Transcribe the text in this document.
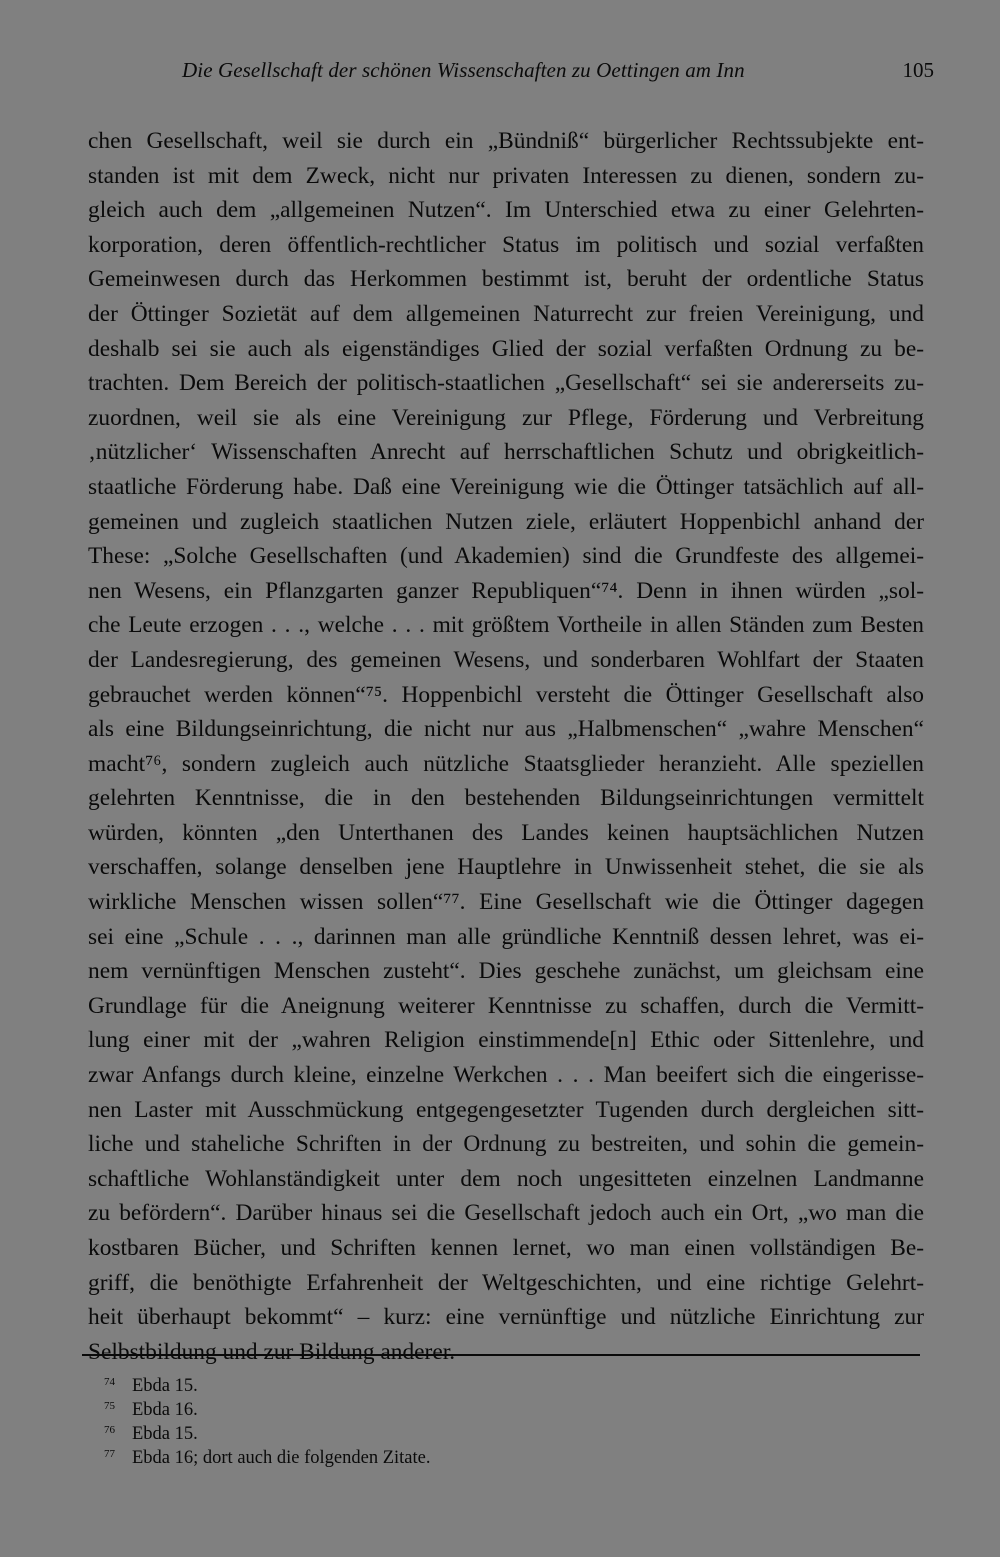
Die Gesellschaft der schönen Wissenschaften zu Oettingen am Inn	105
chen Gesellschaft, weil sie durch ein „Bündniß“ bürgerlicher Rechtssubjekte ent-
standen ist mit dem Zweck, nicht nur privaten Interessen zu dienen, sondern zu-
gleich auch dem „allgemeinen Nutzen“. Im Unterschied etwa zu einer Gelehrten-
korporation, deren öffentlich-rechtlicher Status im politisch und sozial verfaßten
Gemeinwesen durch das Herkommen bestimmt ist, beruht der ordentliche Status
der Öttinger Sozietät auf dem allgemeinen Naturrecht zur freien Vereinigung, und
deshalb sei sie auch als eigenständiges Glied der sozial verfaßten Ordnung zu be-
trachten. Dem Bereich der politisch-staatlichen „Gesellschaft“ sei sie andererseits zu-
zuordnen, weil sie als eine Vereinigung zur Pflege, Förderung und Verbreitung
‚nützlicher‘ Wissenschaften Anrecht auf herrschaftlichen Schutz und obrigkeitlich-
staatliche Förderung habe. Daß eine Vereinigung wie die Öttinger tatsächlich auf all-
gemeinen und zugleich staatlichen Nutzen ziele, erläutert Hoppenbichl anhand der
These: „Solche Gesellschaften (und Akademien) sind die Grundfeste des allgemei-
nen Wesens, ein Pflanzgarten ganzer Republiquen“⁷⁴. Denn in ihnen würden „sol-
che Leute erzogen . . ., welche . . . mit größtem Vortheile in allen Ständen zum Besten
der Landesregierung, des gemeinen Wesens, und sonderbaren Wohlfart der Staaten
gebrauchet werden können“⁷⁵. Hoppenbichl versteht die Öttinger Gesellschaft also
als eine Bildungseinrichtung, die nicht nur aus „Halbmenschen“ „wahre Menschen“
macht⁷⁶, sondern zugleich auch nützliche Staatsglieder heranzieht. Alle speziellen
gelehrten Kenntnisse, die in den bestehenden Bildungseinrichtungen vermittelt
würden, könnten „den Unterthanen des Landes keinen hauptsächlichen Nutzen
verschaffen, solange denselben jene Hauptlehre in Unwissenheit stehet, die sie als
wirkliche Menschen wissen sollen“⁷⁷. Eine Gesellschaft wie die Öttinger dagegen
sei eine „Schule . . ., darinnen man alle gründliche Kenntniß dessen lehret, was ei-
nem vernünftigen Menschen zusteht“. Dies geschehe zunächst, um gleichsam eine
Grundlage für die Aneignung weiterer Kenntnisse zu schaffen, durch die Vermitt-
lung einer mit der „wahren Religion einstimmende[n] Ethic oder Sittenlehre, und
zwar Anfangs durch kleine, einzelne Werkchen . . . Man beeifert sich die eingerisse-
nen Laster mit Ausschmückung entgegengesetzter Tugenden durch dergleichen sitt-
liche und staheliche Schriften in der Ordnung zu bestreiten, und sohin die gemein-
schaftliche Wohlanständigkeit unter dem noch ungesitteten einzelnen Landmanne
zu befördern“. Darüber hinaus sei die Gesellschaft jedoch auch ein Ort, „wo man die
kostbaren Bücher, und Schriften kennen lernet, wo man einen vollständigen Be-
griff, die benöthigte Erfahrenheit der Weltgeschichten, und eine richtige Gelehrt-
heit überhaupt bekommt“ – kurz: eine vernünftige und nützliche Einrichtung zur
Selbstbildung und zur Bildung anderer.
74 Ebda 15.
75 Ebda 16.
76 Ebda 15.
77 Ebda 16; dort auch die folgenden Zitate.
